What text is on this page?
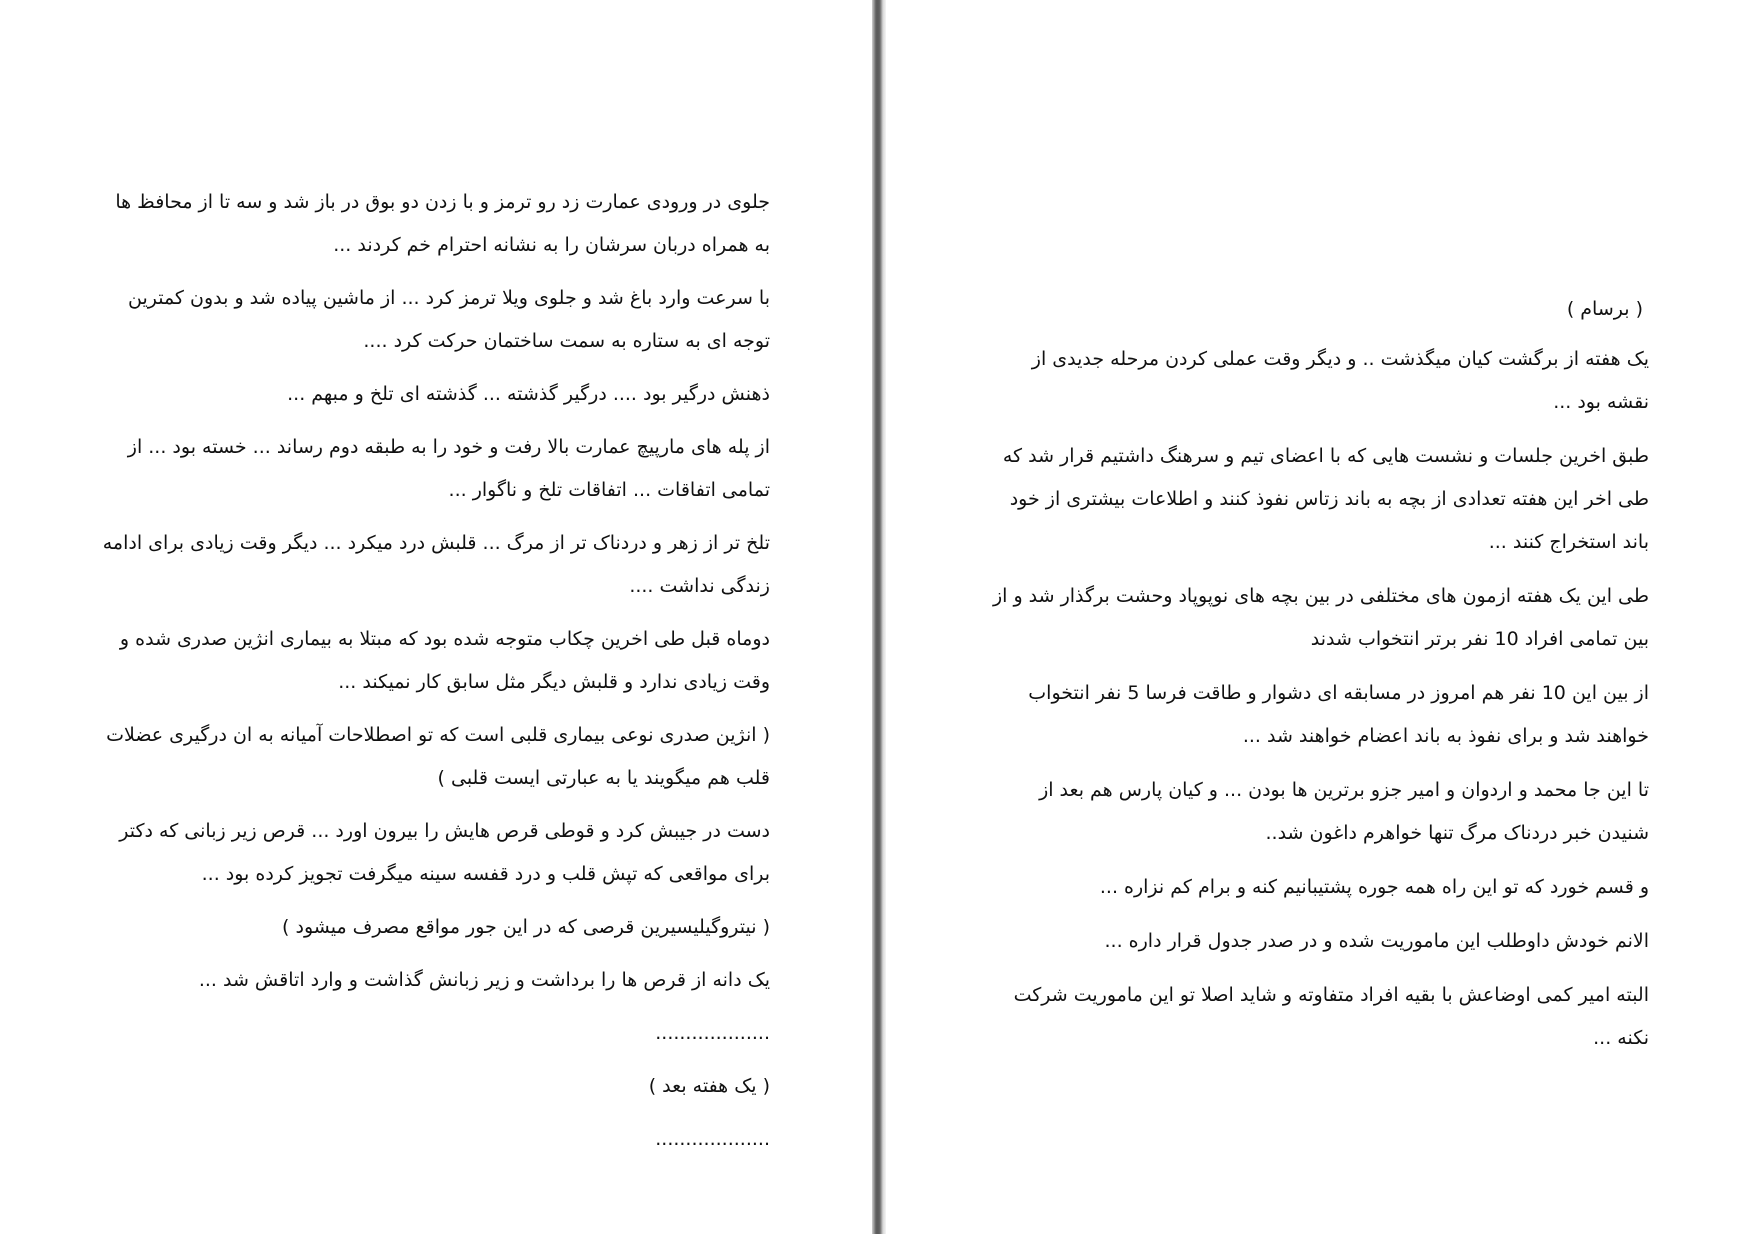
جلوی در ورودی عمارت زد رو ترمز و با زدن دو بوق در باز شد و سه تا از محافظ ها به همراه دربان سرشان را به نشانه احترام خم کردند ...

با سرعت وارد باغ شد و جلوی ویلا ترمز کرد ... از ماشین پیاده شد و بدون کمترین توجه ای به ستاره به سمت ساختمان حرکت کرد ....

ذهنش درگیر بود .... درگیر گذشته ... گذشته ای تلخ و مبهم ...

از پله های مارپیچ عمارت بالا رفت و خود را به طبقه دوم رساند ... خسته بود ... از تمامی اتفاقات ... اتفاقات تلخ و ناگوار ...

تلخ تر از زهر و دردناک تر از مرگ ... قلبش درد میکرد ... دیگر وقت زیادی برای ادامه زندگی نداشت ....

دوماه قبل طی اخرین چکاب متوجه شده بود که مبتلا به بیماری انژین صدری شده و وقت زیادی ندارد و قلبش دیگر مثل سابق کار نمیکند ...

( انژین صدری نوعی بیماری قلبی است که تو اصطلاحات آمیانه به ان درگیری عضلات قلب هم میگویند یا به عبارتی ایست قلبی )

دست در جیبش کرد و قوطی قرص هایش را بیرون اورد ... قرص زیر زبانی که دکتر برای مواقعی که تپش قلب و درد قفسه سینه میگرفت تجویز کرده بود ...

( نیتروگیلیسیرین قرصی که در این جور مواقع مصرف میشود )

یک دانه از قرص ها را برداشت و زیر زبانش گذاشت و وارد اتاقش شد ...

...................

( یک هفته بعد )

...................

( برسام )

یک هفته از برگشت کیان میگذشت .. و دیگر وقت عملی کردن مرحله جدیدی از نقشه بود ...

طبق اخرین جلسات و نشست هایی که با اعضای تیم و سرهنگ داشتیم قرار شد که طی اخر این هفته تعدادی از بچه به باند زتاس نفوذ کنند و اطلاعات بیشتری از خود باند استخراج کنند ...

طی این یک هفته ازمون های مختلفی در بین بچه های نوپوپاد وحشت برگذار شد و از بین تمامی افراد 10 نفر برتر انتخواب شدند

از بین این 10 نفر هم امروز در مسابقه ای دشوار و طاقت فرسا 5 نفر انتخواب خواهند شد و برای نفوذ به باند اعضام خواهند شد ...

تا این جا محمد و اردوان و امیر جزو برترین ها بودن ... و کیان پارس هم بعد از شنیدن خبر دردناک مرگ تنها خواهرم داغون شد..

و قسم خورد که تو این راه همه جوره پشتیبانیم کنه و برام کم نزاره ...

الانم خودش داوطلب این ماموریت شده و در صدر جدول قرار داره ...

البته امیر کمی اوضاعش با بقیه افراد متفاوته و شاید اصلا تو این ماموریت شرکت نکنه ...
